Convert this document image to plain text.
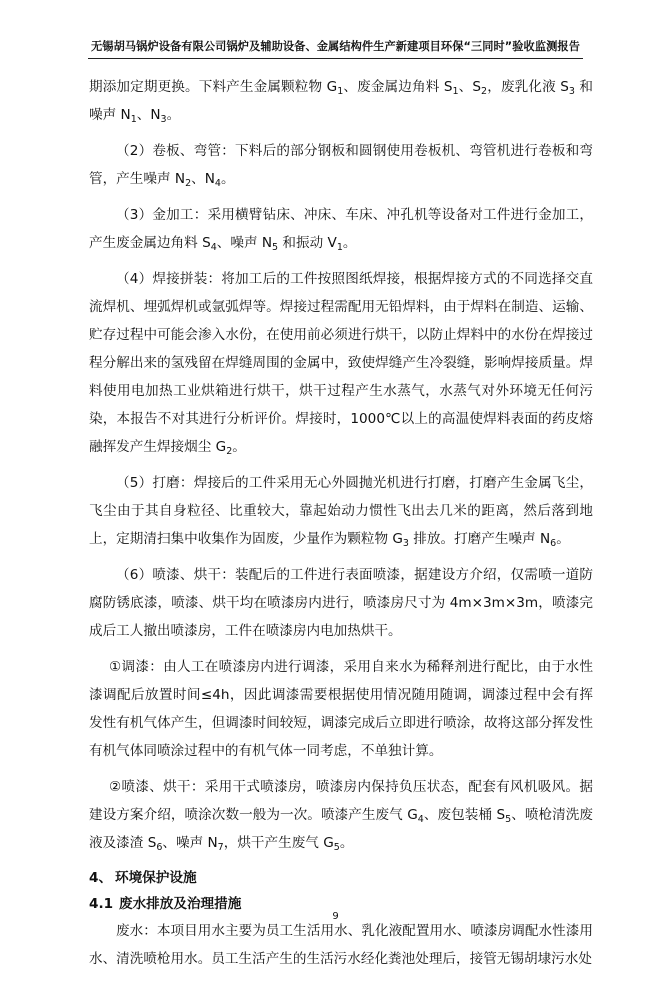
无锡胡马锅炉设备有限公司锅炉及辅助设备、金属结构件生产新建项目环保“三同时”验收监测报告

期添加定期更换。下料产生金属颗粒物 $G_1$、废金属边角料 $S_1$、$S_2$，废乳化液 $S_3$ 和噪声 $N_1$、$N_3$。

（2）卷板、弯管：下料后的部分钢板和圆钢使用卷板机、弯管机进行卷板和弯管，产生噪声 $N_2$、$N_4$。

（3）金加工：采用横臂钻床、冲床、车床、冲孔机等设备对工件进行金加工，产生废金属边角料 $S_4$、噪声 $N_5$ 和振动 $V_1$。

（4）焊接拼装：将加工后的工件按照图纸焊接，根据焊接方式的不同选择交直流焊机、埋弧焊机或氩弧焊等。焊接过程需配用无铅焊料，由于焊料在制造、运输、贮存过程中可能会渗入水份，在使用前必须进行烘干，以防止焊料中的水份在焊接过程分解出来的氢残留在焊缝周围的金属中，致使焊缝产生冷裂缝，影响焊接质量。焊料使用电加热工业烘箱进行烘干，烘干过程产生水蒸气，水蒸气对外环境无任何污染，本报告不对其进行分析评价。焊接时，1000℃以上的高温使焊料表面的药皮熔融挥发产生焊接烟尘 $G_2$。

（5）打磨：焊接后的工件采用无心外圆抛光机进行打磨，打磨产生金属飞尘，飞尘由于其自身粒径、比重较大，靠起始动力惯性飞出去几米的距离，然后落到地上，定期清扫集中收集作为固废，少量作为颗粒物 $G_3$ 排放。打磨产生噪声 $N_6$。

（6）喷漆、烘干：装配后的工件进行表面喷漆，据建设方介绍，仅需喷一道防腐防锈底漆，喷漆、烘干均在喷漆房内进行，喷漆房尺寸为 4m×3m×3m，喷漆完成后工人撤出喷漆房，工件在喷漆房内电加热烘干。

①调漆：由人工在喷漆房内进行调漆，采用自来水为稀释剂进行配比，由于水性漆调配后放置时间≤4h，因此调漆需要根据使用情况随用随调，调漆过程中会有挥发性有机气体产生，但调漆时间较短，调漆完成后立即进行喷涂，故将这部分挥发性有机气体同喷涂过程中的有机气体一同考虑，不单独计算。

②喷漆、烘干：采用干式喷漆房，喷漆房内保持负压状态，配套有风机吸风。据建设方案介绍，喷涂次数一般为一次。喷漆产生废气 $G_4$、废包装桶 $S_5$、喷枪清洗废液及漆渣 $S_6$、噪声 $N_7$，烘干产生废气 $G_5$。

4、 环境保护设施

4.1 废水排放及治理措施

废水：本项目用水主要为员工生活用水、乳化液配置用水、喷漆房调配水性漆用水、清洗喷枪用水。员工生活产生的生活污水经化粪池处理后，接管无锡胡埭污水处

9
